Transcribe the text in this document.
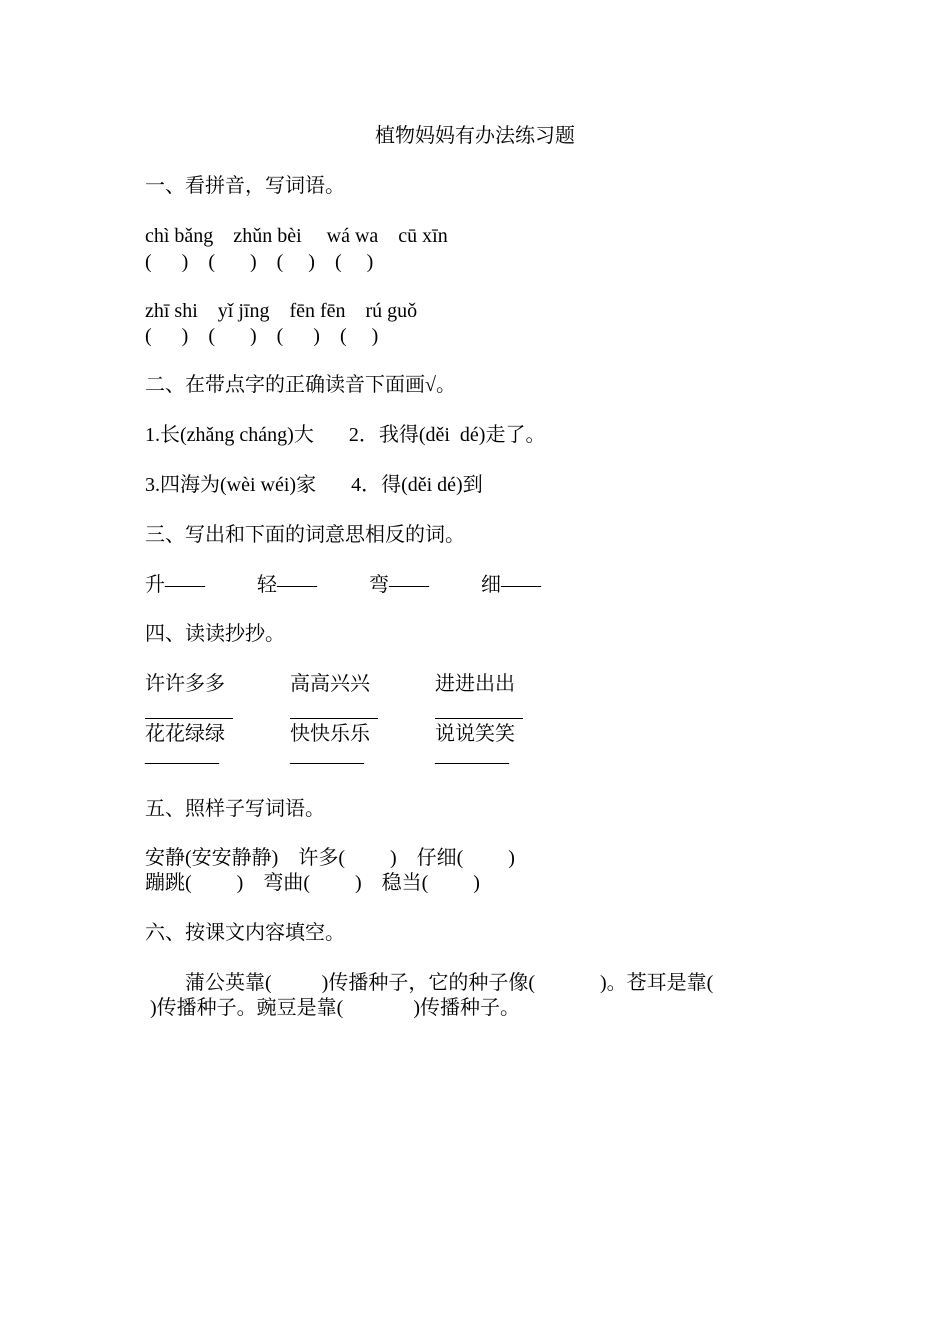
植物妈妈有办法练习题

一、看拼音，写词语。

chì bǎng    zhǔn bèi     wá wa    cū xīn

(      )    (       )    (     )    (     )

zhī shi    yǐ jīng    fēn fēn    rú guǒ

(      )    (       )    (      )    (     )

二、在带点字的正确读音下面画√。

1.长(zhǎng cháng)大       2．我得(děi  dé)走了。

3.四海为(wèi wéi)家       4．得(děi dé)到

三、写出和下面的词意思相反的词。

升——	轻——	弯——	细——

四、读读抄抄。

许许多多	高高兴兴	进进出出
花花绿绿	快快乐乐	说说笑笑
————	————	————

五、照样子写词语。

安静(安安静静)    许多(         )    仔细(         )

蹦跳(         )    弯曲(         )    稳当(         )

六、按课文内容填空。

蒲公英靠(          )传播种子，它的种子像(             )。苍耳是靠(

)传播种子。豌豆是靠(              )传播种子。
